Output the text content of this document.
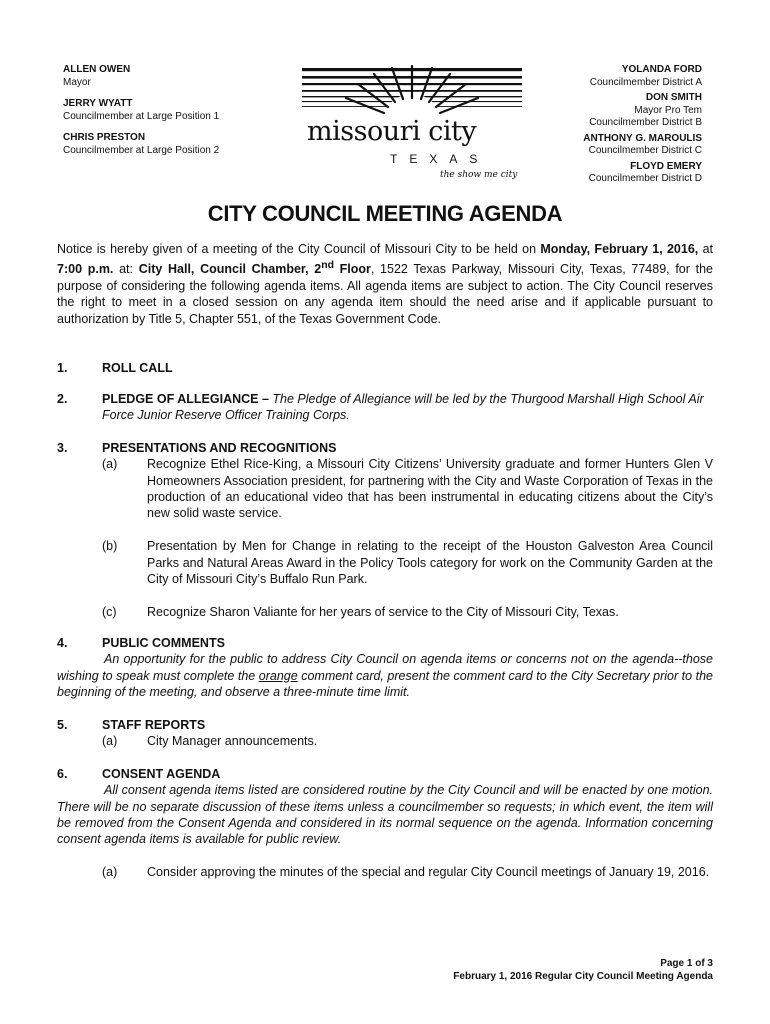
ALLEN OWEN
Mayor
JERRY WYATT
Councilmember at Large Position 1
CHRIS PRESTON
Councilmember at Large Position 2
missouri city
TEXAS
the show me city
YOLANDA FORD
Councilmember District A
DON SMITH
Mayor Pro Tem
Councilmember District B
ANTHONY G. MAROULIS
Councilmember District C
FLOYD EMERY
Councilmember District D
CITY COUNCIL MEETING AGENDA
Notice is hereby given of a meeting of the City Council of Missouri City to be held on Monday, February 1, 2016, at 7:00 p.m. at: City Hall, Council Chamber, 2nd Floor, 1522 Texas Parkway, Missouri City, Texas, 77489, for the purpose of considering the following agenda items. All agenda items are subject to action. The City Council reserves the right to meet in a closed session on any agenda item should the need arise and if applicable pursuant to authorization by Title 5, Chapter 551, of the Texas Government Code.
1.	ROLL CALL
2.	PLEDGE OF ALLEGIANCE – The Pledge of Allegiance will be led by the Thurgood Marshall High School Air Force Junior Reserve Officer Training Corps.
3.	PRESENTATIONS AND RECOGNITIONS
(a) Recognize Ethel Rice-King, a Missouri City Citizens’ University graduate and former Hunters Glen V Homeowners Association president, for partnering with the City and Waste Corporation of Texas in the production of an educational video that has been instrumental in educating citizens about the City’s new solid waste service.
(b) Presentation by Men for Change in relating to the receipt of the Houston Galveston Area Council Parks and Natural Areas Award in the Policy Tools category for work on the Community Garden at the City of Missouri City’s Buffalo Run Park.
(c) Recognize Sharon Valiante for her years of service to the City of Missouri City, Texas.
4.	PUBLIC COMMENTS
An opportunity for the public to address City Council on agenda items or concerns not on the agenda--those wishing to speak must complete the orange comment card, present the comment card to the City Secretary prior to the beginning of the meeting, and observe a three-minute time limit.
5.	STAFF REPORTS
(a) City Manager announcements.
6.	CONSENT AGENDA
All consent agenda items listed are considered routine by the City Council and will be enacted by one motion. There will be no separate discussion of these items unless a councilmember so requests; in which event, the item will be removed from the Consent Agenda and considered in its normal sequence on the agenda. Information concerning consent agenda items is available for public review.
(a) Consider approving the minutes of the special and regular City Council meetings of January 19, 2016.
Page 1 of 3
February 1, 2016 Regular City Council Meeting Agenda
